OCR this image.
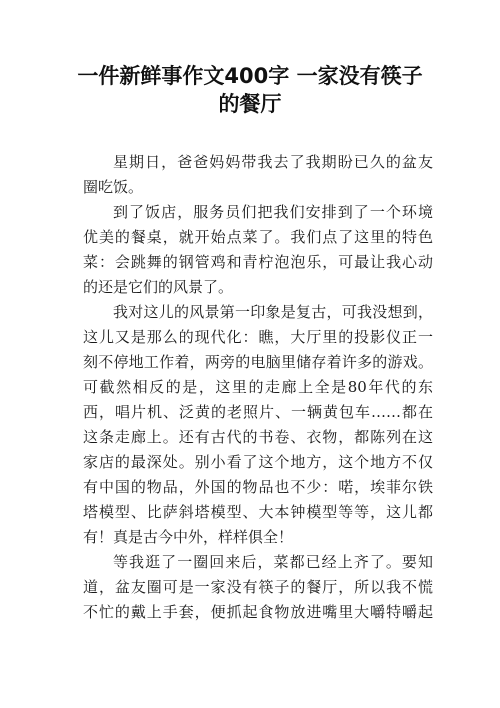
一件新鲜事作文400字 一家没有筷子
的餐厅

星期日，爸爸妈妈带我去了我期盼已久的盆友
圈吃饭。

到了饭店，服务员们把我们安排到了一个环境
优美的餐桌，就开始点菜了。我们点了这里的特色
菜：会跳舞的钢管鸡和青柠泡泡乐，可最让我心动
的还是它们的风景了。

我对这儿的风景第一印象是复古，可我没想到，
这儿又是那么的现代化：瞧，大厅里的投影仪正一
刻不停地工作着，两旁的电脑里储存着许多的游戏。
可截然相反的是，这里的走廊上全是80年代的东
西，唱片机、泛黄的老照片、一辆黄包车……都在
这条走廊上。还有古代的书卷、衣物，都陈列在这
家店的最深处。别小看了这个地方，这个地方不仅
有中国的物品，外国的物品也不少：喏，埃菲尔铁
塔模型、比萨斜塔模型、大本钟模型等等，这儿都
有！真是古今中外，样样俱全！

等我逛了一圈回来后，菜都已经上齐了。要知
道，盆友圈可是一家没有筷子的餐厅，所以我不慌
不忙的戴上手套，便抓起食物放进嘴里大嚼特嚼起
